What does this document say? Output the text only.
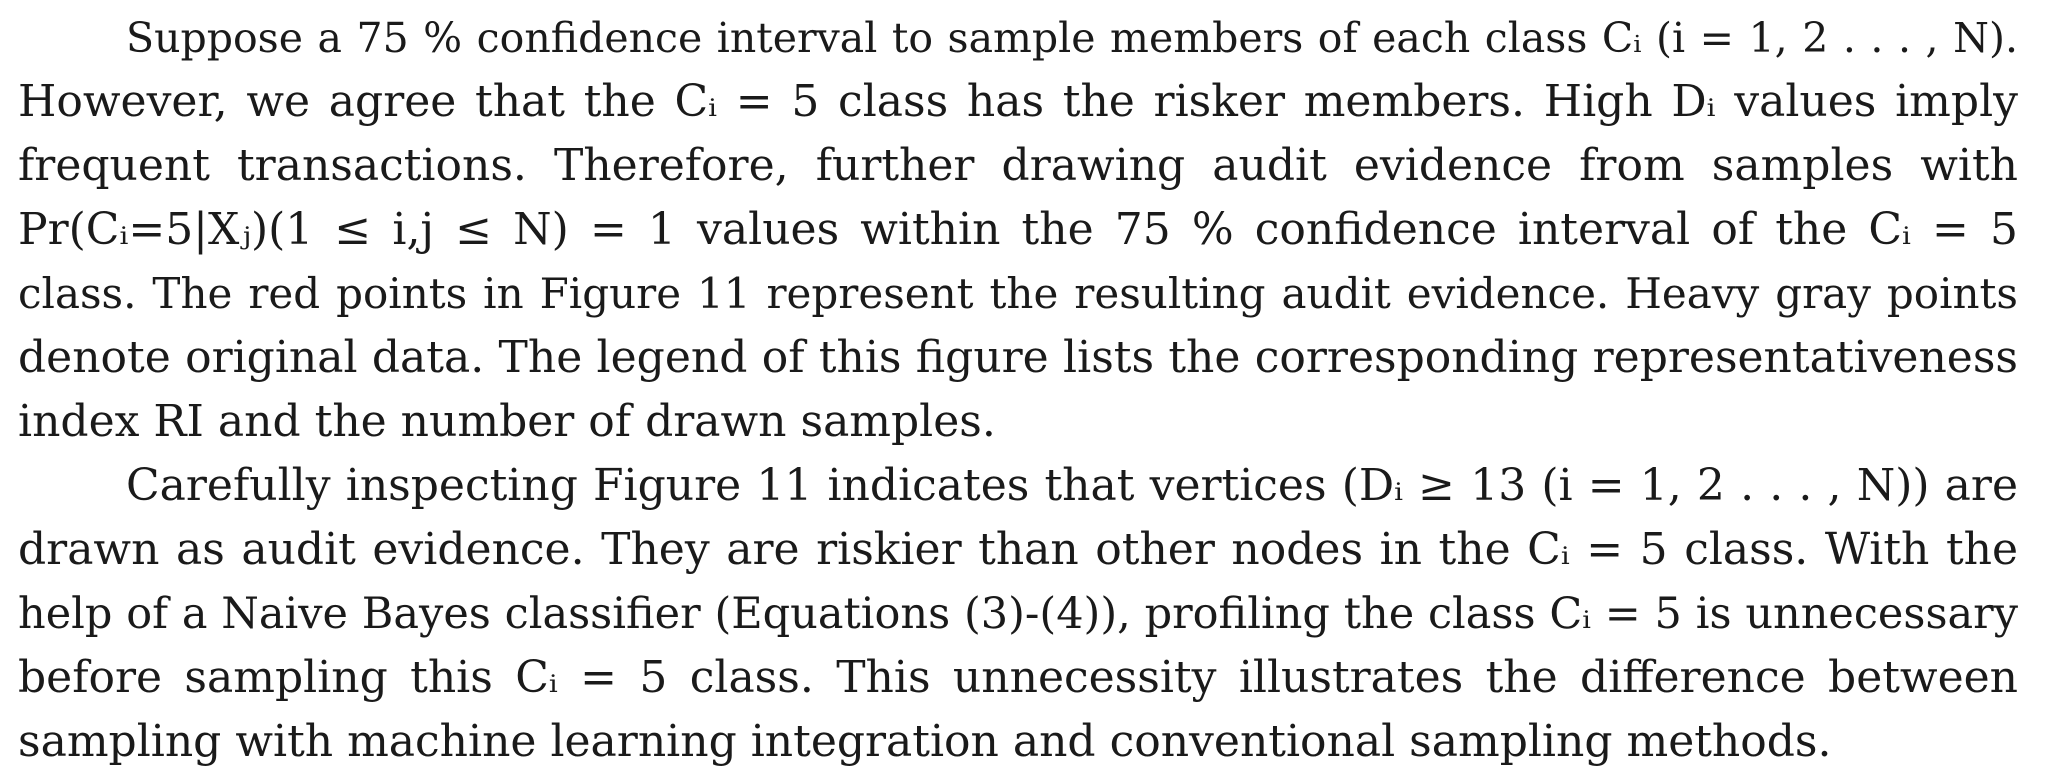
Suppose a 75 % confidence interval to sample members of each class Cᵢ (i = 1, 2 . . . , N).
However, we agree that the Cᵢ = 5 class has the risker members. High Dᵢ values imply
frequent transactions. Therefore, further drawing audit evidence from samples with
Pr(Cᵢ=5|Xⱼ)(1 ≤ i,j ≤ N) = 1 values within the 75 % confidence interval of the Cᵢ = 5
class. The red points in Figure 11 represent the resulting audit evidence. Heavy gray points
denote original data. The legend of this figure lists the corresponding representativeness
index RI and the number of drawn samples.
Carefully inspecting Figure 11 indicates that vertices (Dᵢ ≥ 13 (i = 1, 2 . . . , N)) are
drawn as audit evidence. They are riskier than other nodes in the Cᵢ = 5 class. With the
help of a Naive Bayes classifier (Equations (3)-(4)), profiling the class Cᵢ = 5 is unnecessary
before sampling this Cᵢ = 5 class. This unnecessity illustrates the difference between
sampling with machine learning integration and conventional sampling methods.
